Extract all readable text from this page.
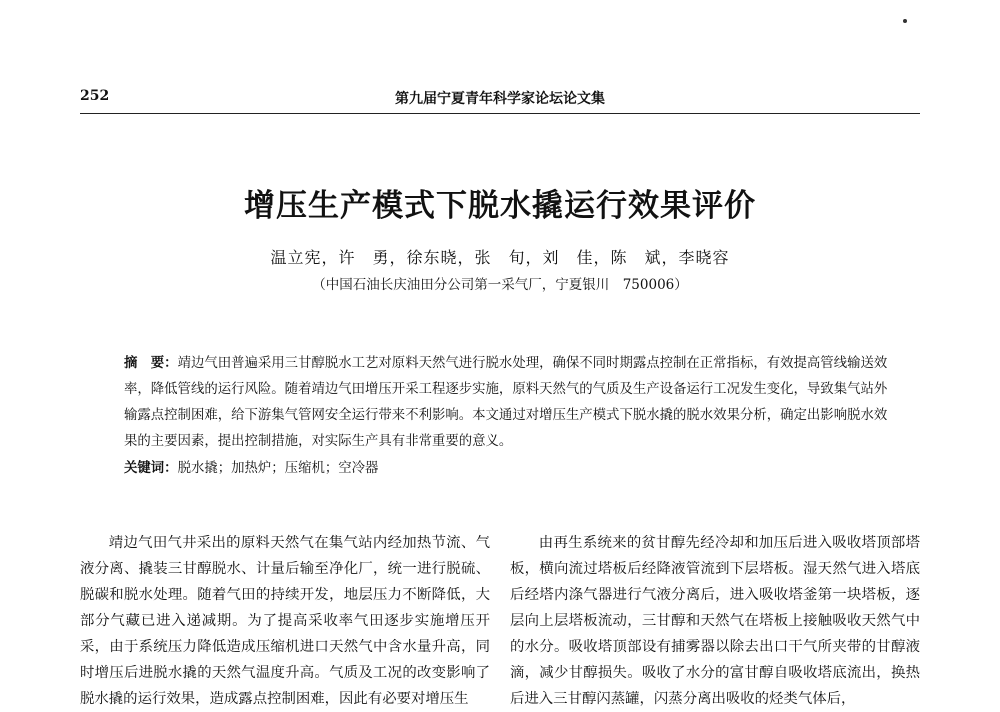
252	第九届宁夏青年科学家论坛论文集
增压生产模式下脱水撬运行效果评价
温立宪，许　勇，徐东晓，张　旬，刘　佳，陈　斌，李晓容
（中国石油长庆油田分公司第一采气厂，宁夏银川　750006）
摘　要：靖边气田普遍采用三甘醇脱水工艺对原料天然气进行脱水处理，确保不同时期露点控制在正常指标，有效提高管线输送效率，降低管线的运行风险。随着靖边气田增压开采工程逐步实施，原料天然气的气质及生产设备运行工况发生变化，导致集气站外输露点控制困难，给下游集气管网安全运行带来不利影响。本文通过对增压生产模式下脱水撬的脱水效果分析，确定出影响脱水效果的主要因素，提出控制措施，对实际生产具有非常重要的意义。
关键词：脱水撬；加热炉；压缩机；空冷器

靖边气田气井采出的原料天然气在集气站内经加热节流、气液分离、撬装三甘醇脱水、计量后输至净化厂，统一进行脱硫、脱碳和脱水处理。随着气田的持续开发，地层压力不断降低，大部分气藏已进入递减期。为了提高采收率气田逐步实施增压开采，由于系统压力降低造成压缩机进口天然气中含水量升高，同时增压后进脱水撬的天然气温度升高。气质及工况的改变影响了脱水撬的运行效果，造成露点控制困难，因此有必要对增压生

由再生系统来的贫甘醇先经冷却和加压后进入吸收塔顶部塔板，横向流过塔板后经降液管流到下层塔板。湿天然气进入塔底后经塔内涤气器进行气液分离后，进入吸收塔釜第一块塔板，逐层向上层塔板流动，三甘醇和天然气在塔板上接触吸收天然气中的水分。吸收塔顶部设有捕雾器以除去出口干气所夹带的甘醇液滴，减少甘醇损失。吸收了水分的富甘醇自吸收塔底流出，换热后进入三甘醇闪蒸罐，闪蒸分离出吸收的烃类气体后，
